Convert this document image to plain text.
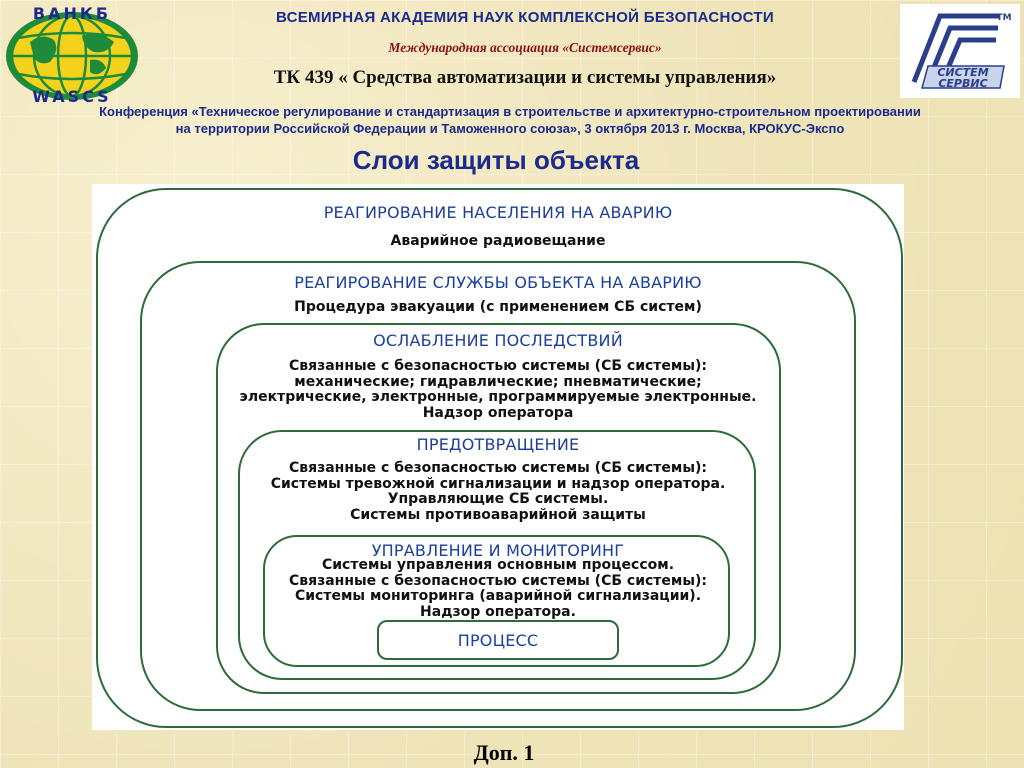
ВАНКБ
WASCS
СИСТЕМ
СЕРВИС
ТМ
ВСЕМИРНАЯ АКАДЕМИЯ НАУК КОМПЛЕКСНОЙ БЕЗОПАСНОСТИ
Международная ассоциация «Системсервис»
ТК 439 « Средства автоматизации и системы управления»
Конференция «Техническое регулирование и стандартизация в строительстве и архитектурно-строительном проектировании
на территории Российской Федерации и Таможенного союза», 3 октября 2013 г. Москва, КРОКУС-Экспо
Слои защиты объекта
РЕАГИРОВАНИЕ НАСЕЛЕНИЯ НА АВАРИЮ
Аварийное радиовещание
РЕАГИРОВАНИЕ СЛУЖБЫ ОБЪЕКТА НА АВАРИЮ
Процедура эвакуации (с применением СБ систем)
ОСЛАБЛЕНИЕ ПОСЛЕДСТВИЙ
Связанные с безопасностью системы (СБ системы):
механические; гидравлические; пневматические;
электрические, электронные, программируемые электронные.
Надзор оператора
ПРЕДОТВРАЩЕНИЕ
Связанные с безопасностью системы (СБ системы):
Системы тревожной сигнализации и надзор оператора.
Управляющие СБ системы.
Системы противоаварийной защиты
УПРАВЛЕНИЕ И МОНИТОРИНГ
Системы управления основным процессом.
Связанные с безопасностью системы (СБ системы):
Системы мониторинга (аварийной сигнализации).
Надзор оператора.
ПРОЦЕСС
Доп. 1
